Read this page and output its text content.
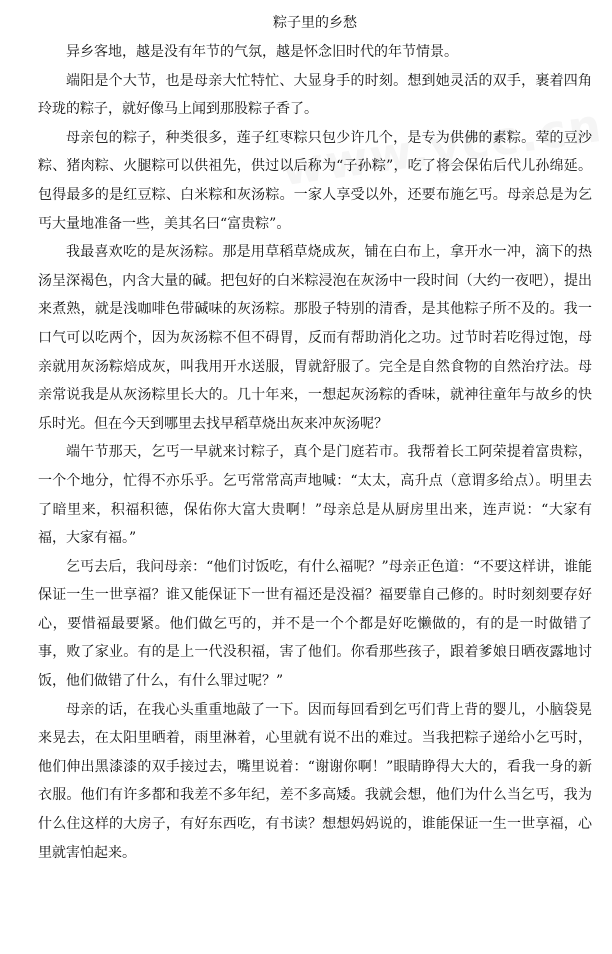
粽子里的乡愁

异乡客地，越是没有年节的气氛，越是怀念旧时代的年节情景。

端阳是个大节，也是母亲大忙特忙、大显身手的时刻。想到她灵活的双手，裹着四角玲珑的粽子，就好像马上闻到那股粽子香了。

母亲包的粽子，种类很多，莲子红枣粽只包少许几个，是专为供佛的素粽。荤的豆沙粽、猪肉粽、火腿粽可以供祖先，供过以后称为“子孙粽”，吃了将会保佑后代儿孙绵延。包得最多的是红豆粽、白米粽和灰汤粽。一家人享受以外，还要布施乞丐。母亲总是为乞丐大量地准备一些，美其名曰“富贵粽”。

我最喜欢吃的是灰汤粽。那是用草稻草烧成灰，铺在白布上，拿开水一冲，滴下的热汤呈深褐色，内含大量的碱。把包好的白米粽浸泡在灰汤中一段时间（大约一夜吧），提出来煮熟，就是浅咖啡色带碱味的灰汤粽。那股子特别的清香，是其他粽子所不及的。我一口气可以吃两个，因为灰汤粽不但不碍胃，反而有帮助消化之功。过节时若吃得过饱，母亲就用灰汤粽焙成灰，叫我用开水送服，胃就舒服了。完全是自然食物的自然治疗法。母亲常说我是从灰汤粽里长大的。几十年来，一想起灰汤粽的香味，就神往童年与故乡的快乐时光。但在今天到哪里去找早稻草烧出灰来冲灰汤呢？

端午节那天，乞丐一早就来讨粽子，真个是门庭若市。我帮着长工阿荣提着富贵粽，一个个地分，忙得不亦乐乎。乞丐常常高声地喊：“太太，高升点（意谓多给点）。明里去了暗里来，积福积德，保佑你大富大贵啊！”母亲总是从厨房里出来，连声说：“大家有福，大家有福。”

乞丐去后，我问母亲：“他们讨饭吃，有什么福呢？”母亲正色道：“不要这样讲，谁能保证一生一世享福？谁又能保证下一世有福还是没福？福要靠自己修的。时时刻刻要存好心，要惜福最要紧。他们做乞丐的，并不是一个个都是好吃懒做的，有的是一时做错了事，败了家业。有的是上一代没积福，害了他们。你看那些孩子，跟着爹娘日晒夜露地讨饭，他们做错了什么，有什么罪过呢？”

母亲的话，在我心头重重地敲了一下。因而每回看到乞丐们背上背的婴儿，小脑袋晃来晃去，在太阳里晒着，雨里淋着，心里就有说不出的难过。当我把粽子递给小乞丐时，他们伸出黑漆漆的双手接过去，嘴里说着：“谢谢你啊！”眼睛睁得大大的，看我一身的新衣服。他们有许多都和我差不多年纪，差不多高矮。我就会想，他们为什么当乞丐，我为什么住这样的大房子，有好东西吃，有书读？想想妈妈说的，谁能保证一生一世享福，心里就害怕起来。
